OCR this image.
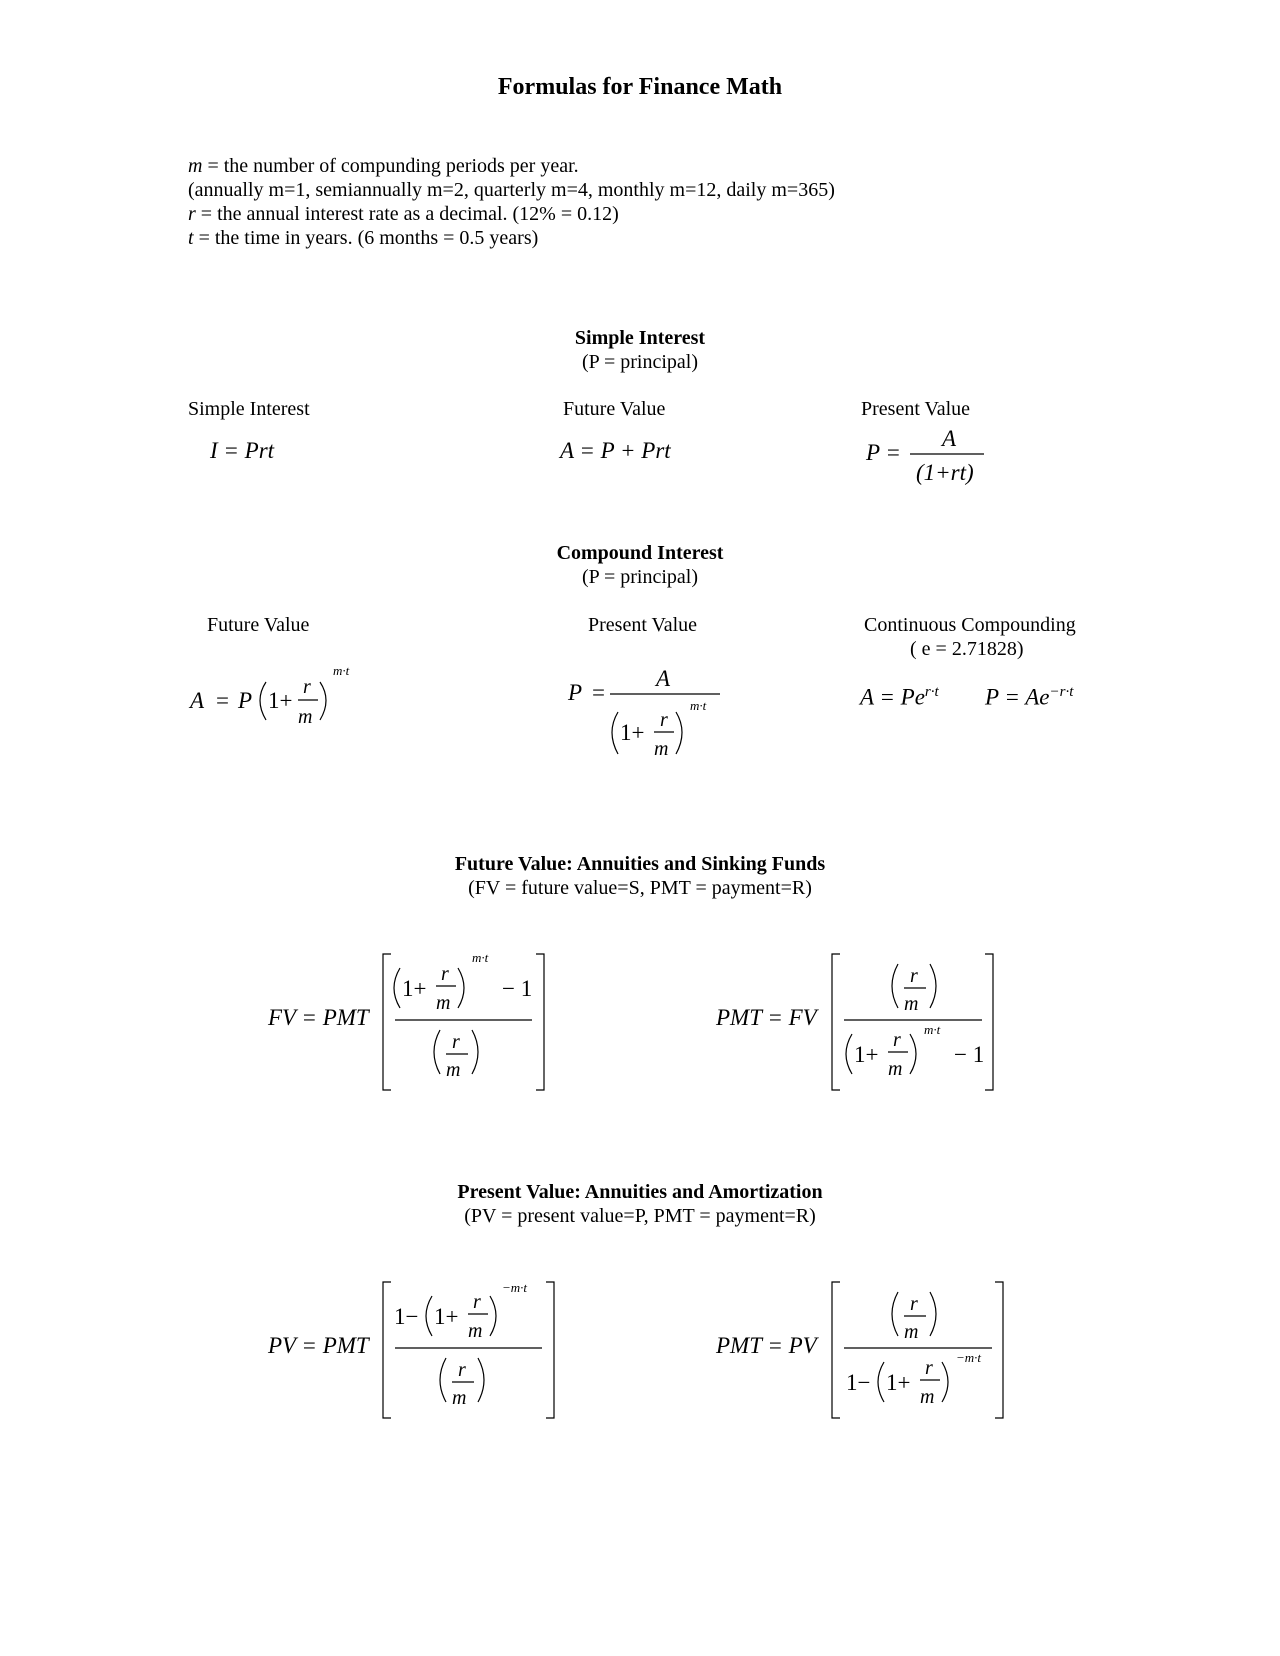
Formulas for Finance Math
m = the number of compunding periods per year.
(annually m=1, semiannually m=2, quarterly m=4, monthly m=12, daily m=365)
r = the annual interest rate as a decimal. (12% = 0.12)
t = the time in years. (6 months = 0.5 years)
Simple Interest
(P = principal)
Simple Interest	Future Value	Present Value
I = Prt	A = P + Prt	P =
A
(1+rt)
Compound Interest
(P = principal)
Future Value	Present Value	Continuous Compounding
( e = 2.71828)
A = P 1+
r
m
m·t
P =
A
1+ r
m
m·t	$A = Pe^{r\cdot t}$ $P = Ae^{-r\cdot t}$
Future Value: Annuities and Sinking Funds
(FV = future value=S, PMT = payment=R)
FV = PMT
1+
r
m
m·t
− 1
r
m
PMT = FV
r
m
1+
r
m
m·t
− 1
Present Value: Annuities and Amortization
(PV = present value=P, PMT = payment=R)
PV = PMT
1− 1+
r
m
−m·t
r
m
PMT = PV
r
m
1− 1+
r
m
−m·t
